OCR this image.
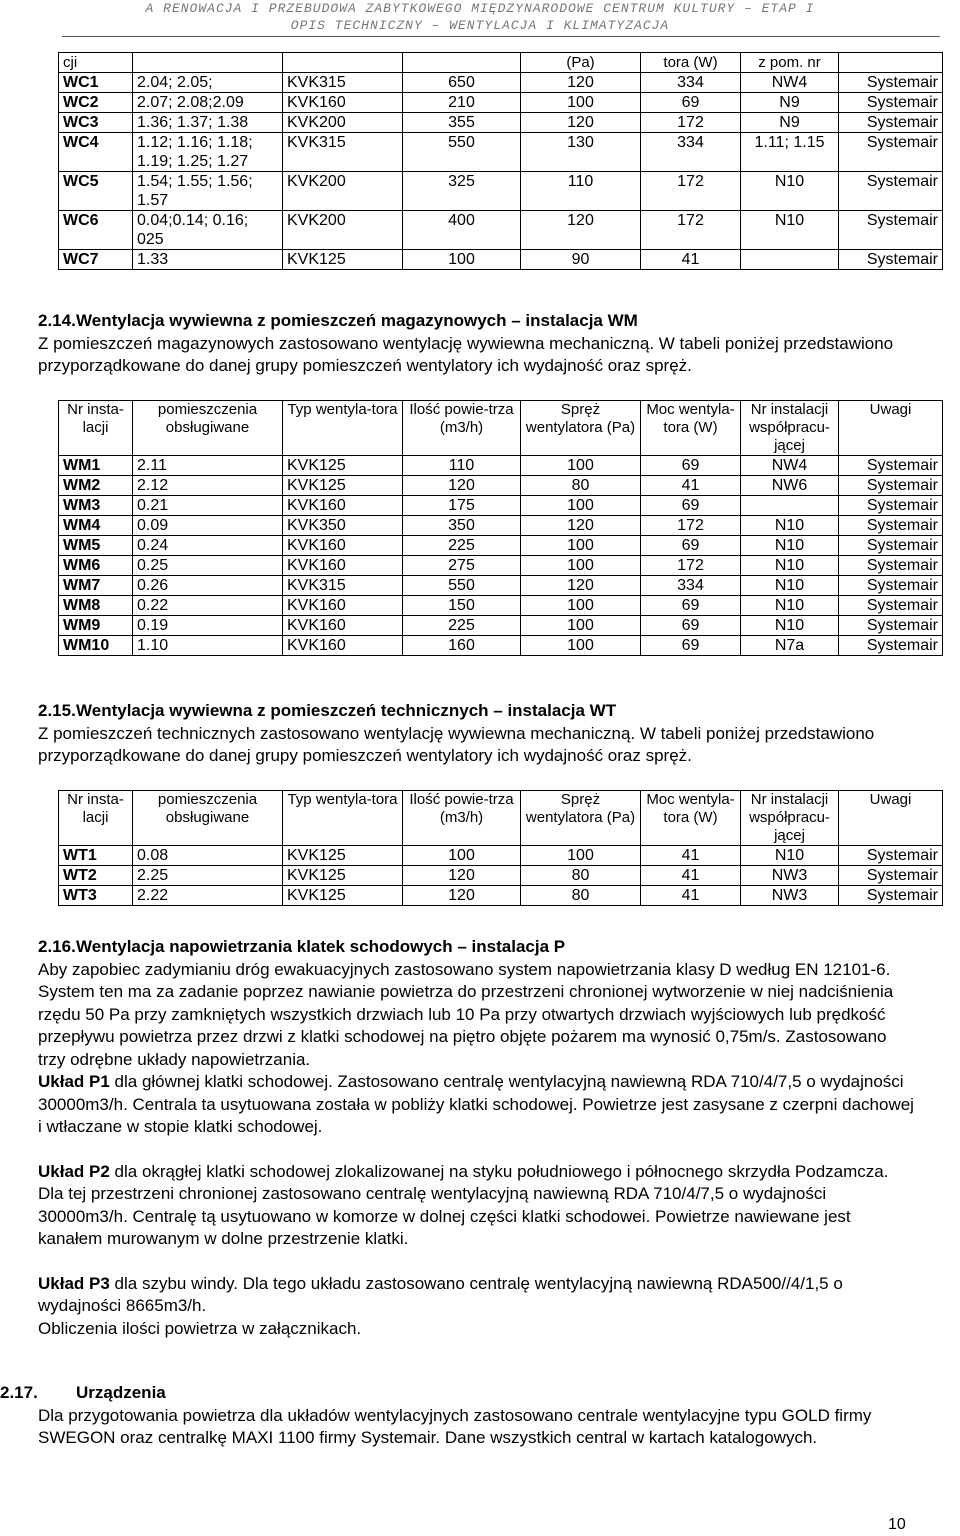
A RENOWACJA I PRZEBUDOWA ZABYTKOWEGO MIĘDZYNARODOWE CENTRUM KULTURY – ETAP I
OPIS TECHNICZNY – WENTYLACJA I KLIMATYZACJA
cji				(Pa)	tora (W)	z pom. nr	
WC1	2.04; 2.05;	KVK315	650	120	334	NW4	Systemair
WC2	2.07; 2.08;2.09	KVK160	210	100	69	N9	Systemair
WC3	1.36; 1.37; 1.38	KVK200	355	120	172	N9	Systemair
WC4	1.12; 1.16; 1.18; 1.19; 1.25; 1.27	KVK315	550	130	334	1.11; 1.15	Systemair
WC5	1.54; 1.55; 1.56; 1.57	KVK200	325	110	172	N10	Systemair
WC6	0.04;0.14; 0.16; 025	KVK200	400	120	172	N10	Systemair
WC7	1.33	KVK125	100	90	41		Systemair
2.14.Wentylacja wywiewna z pomieszczeń magazynowych – instalacja WM
Z pomieszczeń magazynowych zastosowano wentylację wywiewna mechaniczną. W tabeli poniżej przedstawiono przyporządkowane do danej grupy pomieszczeń wentylatory ich wydajność oraz spręż.
Nr insta-lacji	pomieszczenia obsługiwane	Typ wentyla-tora	Ilość powie-trza (m3/h)	Spręż wentylatora (Pa)	Moc wentyla-tora (W)	Nr instalacji współpracu-jącej	Uwagi
WM1	2.11	KVK125	110	100	69	NW4	Systemair
WM2	2.12	KVK125	120	80	41	NW6	Systemair
WM3	0.21	KVK160	175	100	69		Systemair
WM4	0.09	KVK350	350	120	172	N10	Systemair
WM5	0.24	KVK160	225	100	69	N10	Systemair
WM6	0.25	KVK160	275	100	172	N10	Systemair
WM7	0.26	KVK315	550	120	334	N10	Systemair
WM8	0.22	KVK160	150	100	69	N10	Systemair
WM9	0.19	KVK160	225	100	69	N10	Systemair
WM10	1.10	KVK160	160	100	69	N7a	Systemair
2.15.Wentylacja wywiewna z pomieszczeń technicznych – instalacja WT
Z pomieszczeń technicznych zastosowano wentylację wywiewna mechaniczną. W tabeli poniżej przedstawiono przyporządkowane do danej grupy pomieszczeń wentylatory ich wydajność oraz spręż.
Nr insta-lacji	pomieszczenia obsługiwane	Typ wentyla-tora	Ilość powie-trza (m3/h)	Spręż wentylatora (Pa)	Moc wentyla-tora (W)	Nr instalacji współpracu-jącej	Uwagi
WT1	0.08	KVK125	100	100	41	N10	Systemair
WT2	2.25	KVK125	120	80	41	NW3	Systemair
WT3	2.22	KVK125	120	80	41	NW3	Systemair
2.16.Wentylacja napowietrzania klatek schodowych – instalacja P
Aby zapobiec zadymianiu dróg ewakuacyjnych zastosowano system napowietrzania klasy D według EN 12101-6. System ten ma za zadanie poprzez nawianie powietrza do przestrzeni chronionej wytworzenie w niej nadciśnienia rzędu 50 Pa przy zamkniętych wszystkich drzwiach lub 10 Pa przy otwartych drzwiach wyjściowych lub prędkość przepływu powietrza przez drzwi z klatki schodowej na piętro objęte pożarem ma wynosić 0,75m/s. Zastosowano trzy odrębne układy napowietrzania.
Układ P1 dla głównej klatki schodowej. Zastosowano centralę wentylacyjną nawiewną RDA 710/4/7,5 o wydajności 30000m3/h. Centrala ta usytuowana została w pobliży klatki schodowej. Powietrze jest zasysane z czerpni dachowej i wtłaczane w stopie klatki schodowej.
Układ P2 dla okrągłej klatki schodowej zlokalizowanej na styku południowego i północnego skrzydła Podzamcza. Dla tej przestrzeni chronionej zastosowano centralę wentylacyjną nawiewną RDA 710/4/7,5 o wydajności 30000m3/h. Centralę tą usytuowano w komorze w dolnej części klatki schodowei. Powietrze nawiewane jest kanałem murowanym w dolne przestrzenie klatki.
Układ P3 dla szybu windy. Dla tego układu zastosowano centralę wentylacyjną nawiewną RDA500//4/1,5 o wydajności 8665m3/h.
Obliczenia ilości powietrza w załącznikach.
2.17. Urządzenia
Dla przygotowania powietrza dla układów wentylacyjnych zastosowano centrale wentylacyjne typu GOLD firmy SWEGON oraz centralkę MAXI 1100 firmy Systemair. Dane wszystkich central w kartach katalogowych.
10
